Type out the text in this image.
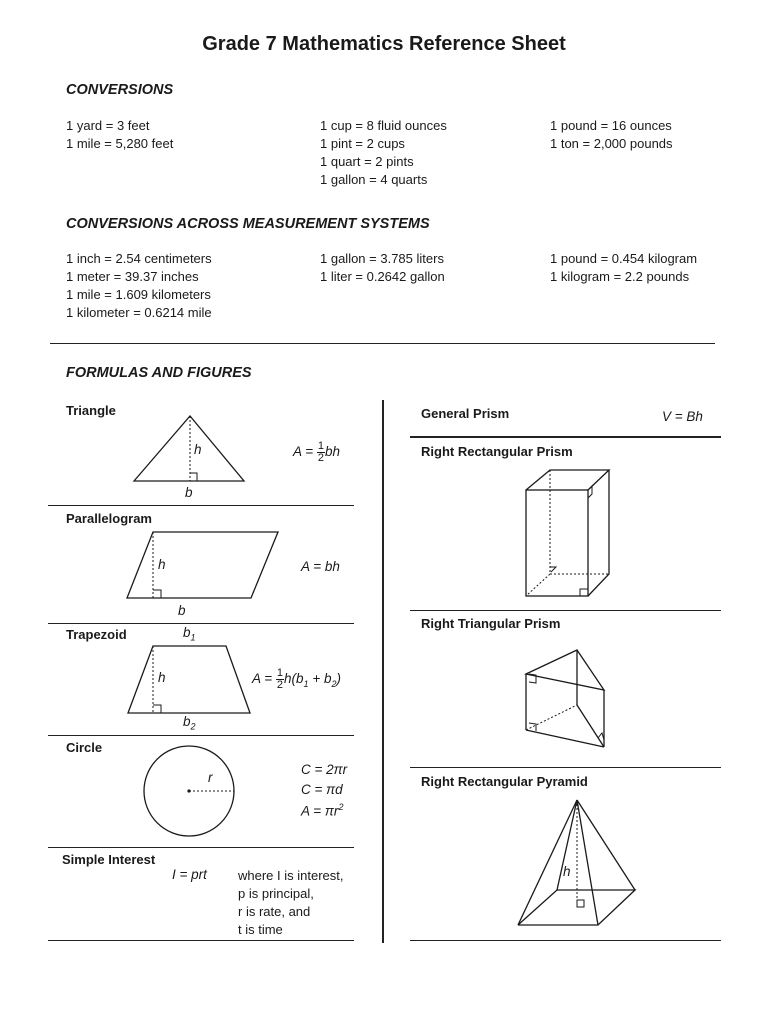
Grade 7 Mathematics Reference Sheet
CONVERSIONS
1 yard = 3 feet
1 mile = 5,280 feet
1 cup = 8 fluid ounces
1 pint = 2 cups
1 quart = 2 pints
1 gallon = 4 quarts
1 pound = 16 ounces
1 ton = 2,000 pounds
CONVERSIONS ACROSS MEASUREMENT SYSTEMS
1 inch = 2.54 centimeters
1 meter = 39.37 inches
1 mile = 1.609 kilometers
1 kilometer = 0.6214 mile
1 gallon = 3.785 liters
1 liter = 0.2642 gallon
1 pound = 0.454 kilogram
1 kilogram = 2.2 pounds
FORMULAS AND FIGURES
Triangle
h
b
$A = \frac{1}{2}$ bh
Parallelogram
h
b
A = bh
Trapezoid	$b_1$
h
$b_2$
$A = \frac{1}{2} h(b_1 + b_2)$
Circle
r
C = 2πr
C = πd
$A = \pi r^2$
Simple Interest
I = prt where I is interest,
p is principal,
r is rate, and
t is time
General Prism	V = Bh
Right Rectangular Prism
Right Triangular Prism
Right Rectangular Pyramid
h
